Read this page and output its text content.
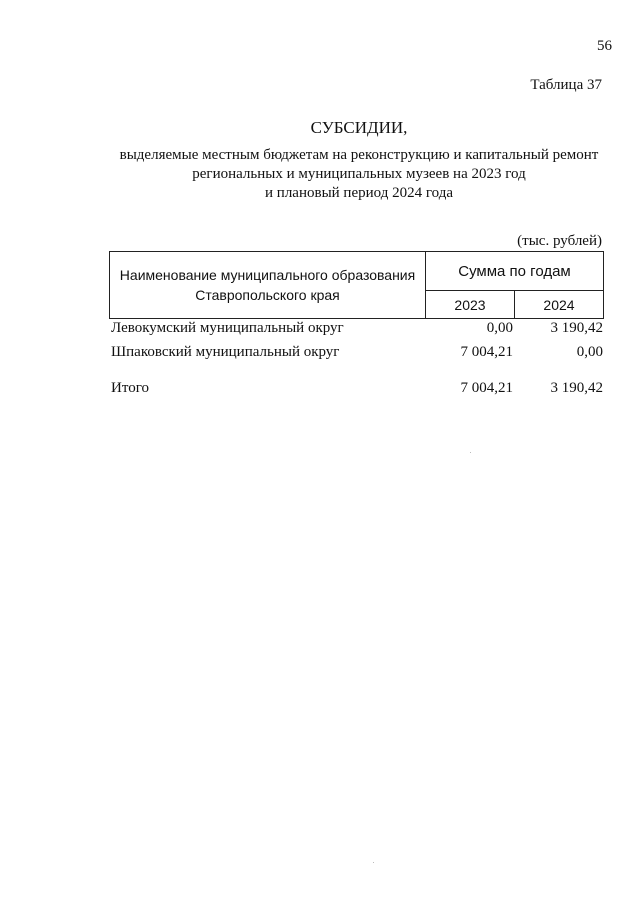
56
Таблица 37
СУБСИДИИ,
выделяемые местным бюджетам на реконструкцию и капитальный ремонт
региональных и муниципальных музеев на 2023 год
и плановый период 2024 года
(тыс. рублей)
Наименование муниципального образования Ставропольского края	Сумма по годам	
	2023	2024
Левокумский муниципальный округ	0,00	3 190,42
Шпаковский муниципальный округ	7 004,21	0,00
Итого	7 004,21	3 190,42
